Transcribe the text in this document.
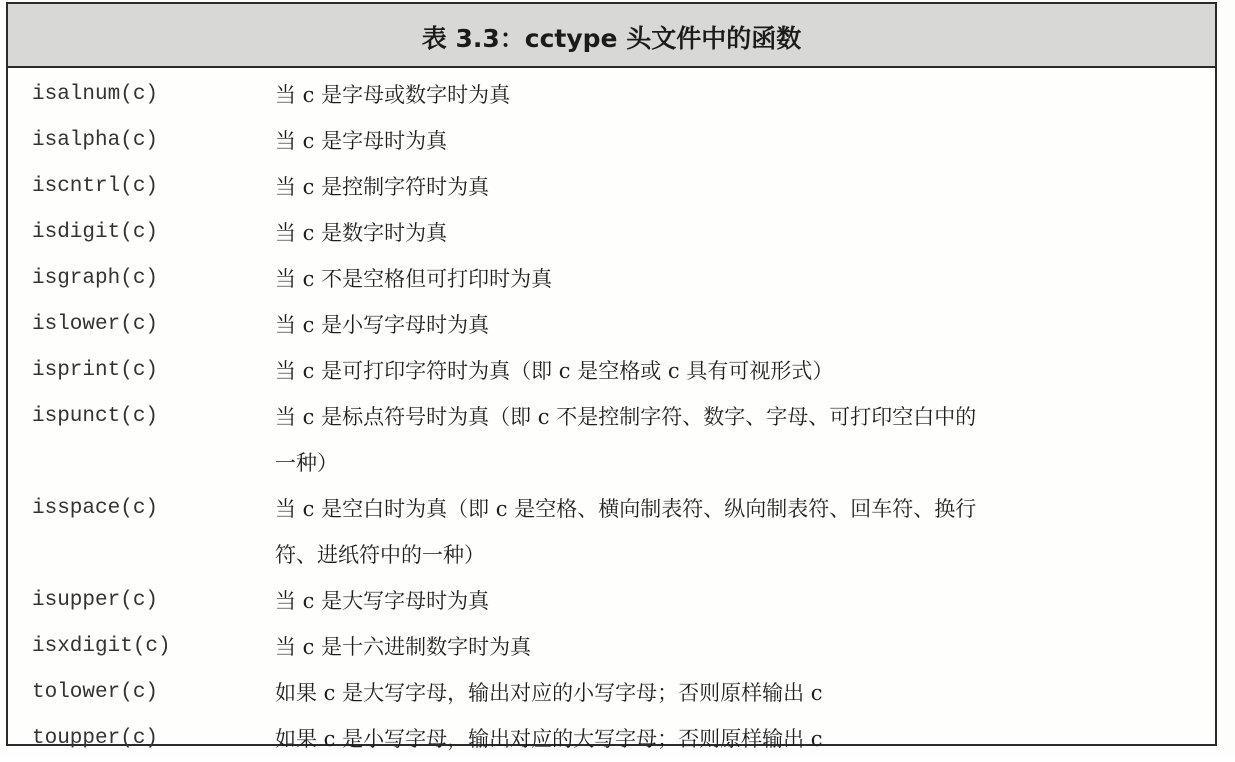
表 3.3：cctype 头文件中的函数
isalnum(c)	当 c 是字母或数字时为真
isalpha(c)	当 c 是字母时为真
iscntrl(c)	当 c 是控制字符时为真
isdigit(c)	当 c 是数字时为真
isgraph(c)	当 c 不是空格但可打印时为真
islower(c)	当 c 是小写字母时为真
isprint(c)	当 c 是可打印字符时为真（即 c 是空格或 c 具有可视形式）
ispunct(c)	当 c 是标点符号时为真（即 c 不是控制字符、数字、字母、可打印空白中的
一种）
isspace(c)	当 c 是空白时为真（即 c 是空格、横向制表符、纵向制表符、回车符、换行
符、进纸符中的一种）
isupper(c)	当 c 是大写字母时为真
isxdigit(c)	当 c 是十六进制数字时为真
tolower(c)	如果 c 是大写字母，输出对应的小写字母；否则原样输出 c
toupper(c)	如果 c 是小写字母，输出对应的大写字母；否则原样输出 c
